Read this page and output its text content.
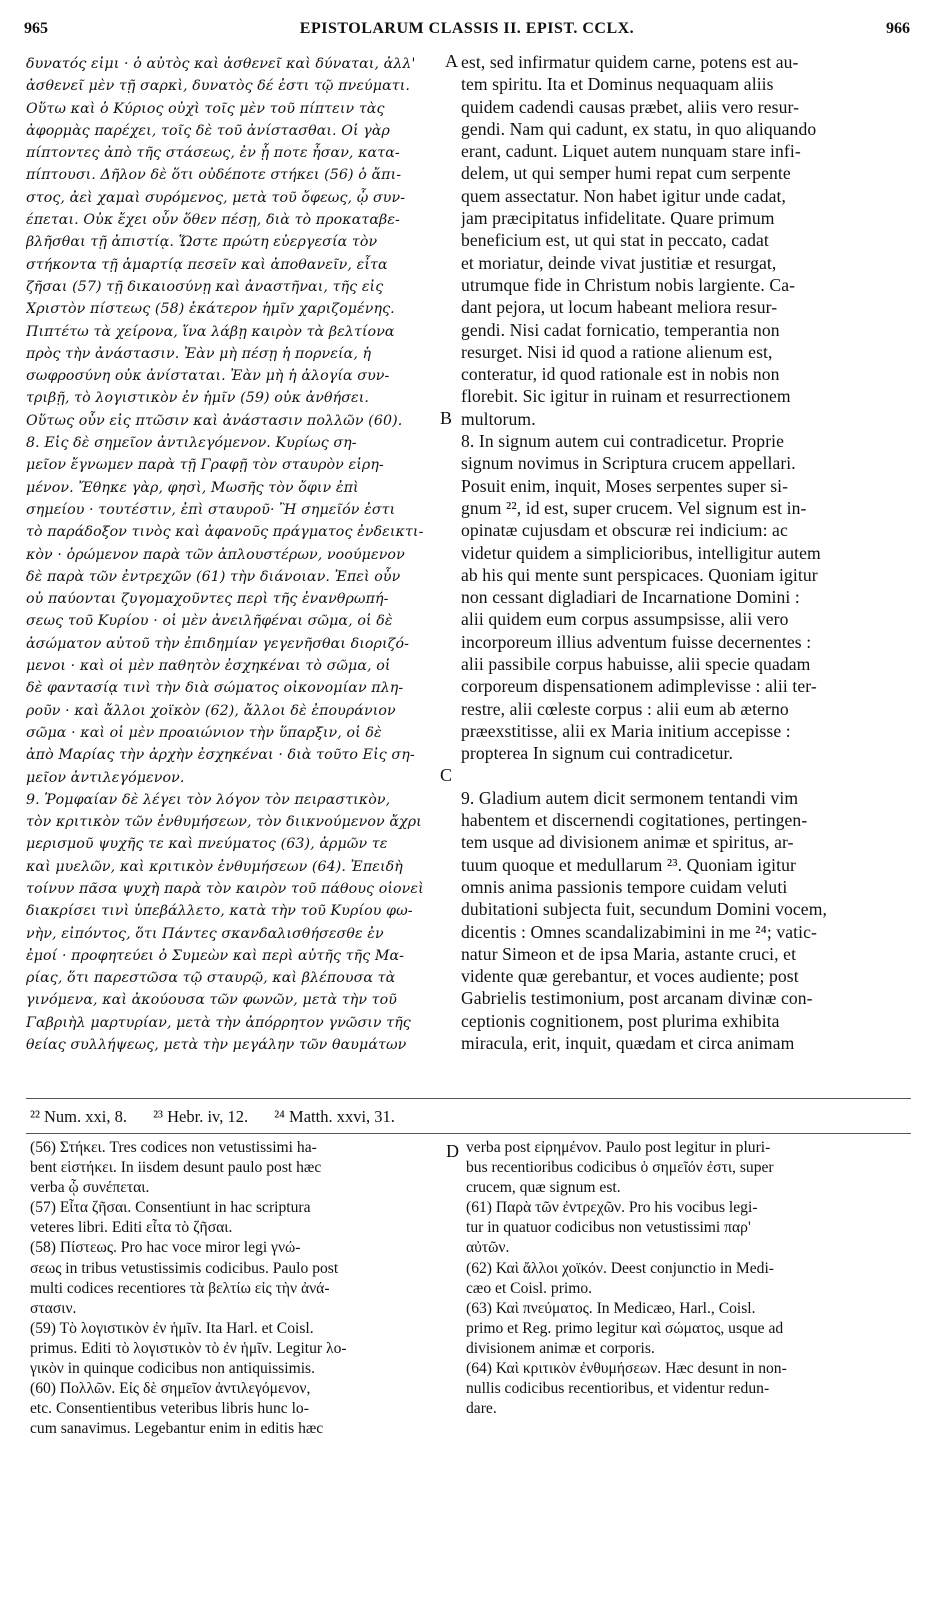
965	EPISTOLARUM CLASSIS II. EPIST. CCLX.	966
δυνατός εἰμι · ὁ αὐτὸς καὶ ἀσθενεῖ καὶ δύναται, ἀλλ'
ἀσθενεῖ μὲν τῇ σαρκὶ, δυνατὸς δέ ἐστι τῷ πνεύματι.
Οὕτω καὶ ὁ Κύριος οὐχὶ τοῖς μὲν τοῦ πίπτειν τὰς
ἀφορμὰς παρέχει, τοῖς δὲ τοῦ ἀνίστασθαι. Οἱ γὰρ
πίπτοντες ἀπὸ τῆς στάσεως, ἐν ᾗ ποτε ἦσαν, κατα-
πίπτουσι. Δῆλον δὲ ὅτι οὐδέποτε στήκει (56) ὁ ἄπι-
στος, ἀεὶ χαμαὶ συρόμενος, μετὰ τοῦ ὄφεως, ᾧ συν-
έπεται. Οὐκ ἔχει οὖν ὅθεν πέσῃ, διὰ τὸ προκαταβε-
βλῆσθαι τῇ ἀπιστίᾳ. Ὥστε πρώτη εὐεργεσία τὸν
στήκοντα τῇ ἁμαρτίᾳ πεσεῖν καὶ ἀποθανεῖν, εἶτα
ζῆσαι (57) τῇ δικαιοσύνῃ καὶ ἀναστῆναι, τῆς εἰς
Χριστὸν πίστεως (58) ἑκάτερον ἡμῖν χαριζομένης.
Πιπτέτω τὰ χείρονα, ἵνα λάβῃ καιρὸν τὰ βελτίονα
πρὸς τὴν ἀνάστασιν. Ἐὰν μὴ πέσῃ ἡ πορνεία, ἡ
σωφροσύνη οὐκ ἀνίσταται. Ἐὰν μὴ ἡ ἀλογία συν-
τριβῇ, τὸ λογιστικὸν ἐν ἡμῖν (59) οὐκ ἀνθήσει.
Οὕτως οὖν εἰς πτῶσιν καὶ ἀνάστασιν πολλῶν (60).
8. Εἰς δὲ σημεῖον ἀντιλεγόμενον. Κυρίως ση-
μεῖον ἔγνωμεν παρὰ τῇ Γραφῇ τὸν σταυρὸν εἰρη-
μένον. Ἔθηκε γὰρ, φησὶ, Μωσῆς τὸν ὄφιν ἐπὶ
σημείου · τουτέστιν, ἐπὶ σταυροῦ· Ἢ σημεῖόν ἐστι
τὸ παράδοξον τινὸς καὶ ἀφανοῦς πράγματος ἐνδεικτι-
κὸν · ὁρώμενον παρὰ τῶν ἁπλουστέρων, νοούμενον
δὲ παρὰ τῶν ἐντρεχῶν (61) τὴν διάνοιαν. Ἐπεὶ οὖν
οὐ παύονται ζυγομαχοῦντες περὶ τῆς ἐνανθρωπή-
σεως τοῦ Κυρίου · οἱ μὲν ἀνειλῆφέναι σῶμα, οἱ δὲ
ἀσώματον αὐτοῦ τὴν ἐπιδημίαν γεγενῆσθαι διοριζό-
μενοι · καὶ οἱ μὲν παθητὸν ἐσχηκέναι τὸ σῶμα, οἱ
δὲ φαντασίᾳ τινὶ τὴν διὰ σώματος οἰκονομίαν πλη-
ροῦν · καὶ ἄλλοι χοϊκὸν (62), ἄλλοι δὲ ἐπουράνιον
σῶμα · καὶ οἱ μὲν προαιώνιον τὴν ὕπαρξιν, οἱ δὲ
ἀπὸ Μαρίας τὴν ἀρχὴν ἐσχηκέναι · διὰ τοῦτο Εἰς ση-
μεῖον ἀντιλεγόμενον.
9. Ῥομφαίαν δὲ λέγει τὸν λόγον τὸν πειραστικὸν,
τὸν κριτικὸν τῶν ἐνθυμήσεων, τὸν διικνούμενον ἄχρι
μερισμοῦ ψυχῆς τε καὶ πνεύματος (63), ἁρμῶν τε
καὶ μυελῶν, καὶ κριτικὸν ἐνθυμήσεων (64). Ἐπειδὴ
τοίνυν πᾶσα ψυχὴ παρὰ τὸν καιρὸν τοῦ πάθους οἱονεὶ
διακρίσει τινὶ ὑπεβάλλετο, κατὰ τὴν τοῦ Κυρίου φω-
νὴν, εἰπόντος, ὅτι Πάντες σκανδαλισθήσεσθε ἐν
ἐμοί · προφητεύει ὁ Συμεὼν καὶ περὶ αὐτῆς τῆς Μα-
ρίας, ὅτι παρεστῶσα τῷ σταυρῷ, καὶ βλέπουσα τὰ
γινόμενα, καὶ ἀκούουσα τῶν φωνῶν, μετὰ τὴν τοῦ
Γαβριὴλ μαρτυρίαν, μετὰ τὴν ἀπόρρητον γνῶσιν τῆς
θείας συλλήψεως, μετὰ τὴν μεγάλην τῶν θαυμάτων
est, sed infirmatur quidem carne, potens est au-
tem spiritu. Ita et Dominus nequaquam aliis
quidem cadendi causas præbet, aliis vero resur-
gendi. Nam qui cadunt, ex statu, in quo aliquando
erant, cadunt. Liquet autem nunquam stare infi-
delem, ut qui semper humi repat cum serpente
quem assectatur. Non habet igitur unde cadat,
jam præcipitatus infidelitate. Quare primum
beneficium est, ut qui stat in peccato, cadat
et moriatur, deinde vivat justitiæ et resurgat,
utrumque fide in Christum nobis largiente. Ca-
dant pejora, ut locum habeant meliora resur-
gendi. Nisi cadat fornicatio, temperantia non
resurget. Nisi id quod a ratione alienum est,
conteratur, id quod rationale est in nobis non
florebit. Sic igitur in ruinam et resurrectionem
multorum.
8. In signum autem cui contradicetur. Proprie
signum novimus in Scriptura crucem appellari.
Posuit enim, inquit, Moses serpentes super si-
gnum ²², id est, super crucem. Vel signum est in-
opinatæ cujusdam et obscuræ rei indicium: ac
videtur quidem a simplicioribus, intelligitur autem
ab his qui mente sunt perspicaces. Quoniam igitur
non cessant digladiari de Incarnatione Domini :
alii quidem eum corpus assumpsisse, alii vero
incorporeum illius adventum fuisse decernentes :
alii passibile corpus habuisse, alii specie quadam
corporeum dispensationem adimplevisse : alii ter-
restre, alii cœleste corpus : alii eum ab æterno
præexstitisse, alii ex Maria initium accepisse :
propterea In signum cui contradicetur.
9. Gladium autem dicit sermonem tentandi vim
habentem et discernendi cogitationes, pertingen-
tem usque ad divisionem animæ et spiritus, ar-
tuum quoque et medullarum ²³. Quoniam igitur
omnis anima passionis tempore cuidam veluti
dubitationi subjecta fuit, secundum Domini vocem,
dicentis : Omnes scandalizabimini in me ²⁴; vatic-
natur Simeon et de ipsa Maria, astante cruci, et
vidente quæ gerebantur, et voces audiente; post
Gabrielis testimonium, post arcanam divinæ con-
ceptionis cognitionem, post plurima exhibita
miracula, erit, inquit, quædam et circa animam
A
B
C
D
²² Num. xxi, 8. ²³ Hebr. iv, 12. ²⁴ Matth. xxvi, 31.
(56) Στήκει. Tres codices non vetustissimi ha-
bent εἱστήκει. In iisdem desunt paulo post hæc
verba ᾧ συνέπεται.
(57) Εἶτα ζῆσαι. Consentiunt in hac scriptura
veteres libri. Editi εἶτα τὸ ζῆσαι.
(58) Πίστεως. Pro hac voce miror legi γνώ-
σεως in tribus vetustissimis codicibus. Paulo post
multi codices recentiores τὰ βελτίω εἰς τὴν ἀνά-
στασιν.
(59) Τὸ λογιστικὸν ἐν ἡμῖν. Ita Harl. et Coisl.
primus. Editi τὸ λογιστικὸν τὸ ἐν ἡμῖν. Legitur λο-
γικὸν in quinque codicibus non antiquissimis.
(60) Πολλῶν. Εἰς δὲ σημεῖον ἀντιλεγόμενον,
etc. Consentientibus veteribus libris hunc lo-
cum sanavimus. Legebantur enim in editis hæc
verba post εἰρημένον. Paulo post legitur in pluri-
bus recentioribus codicibus ὁ σημεῖόν ἐστι, super
crucem, quæ signum est.
(61) Παρὰ τῶν ἐντρεχῶν. Pro his vocibus legi-
tur in quatuor codicibus non vetustissimi παρ'
αὐτῶν.
(62) Καὶ ἄλλοι χοϊκόν. Deest conjunctio in Medi-
cæo et Coisl. primo.
(63) Καὶ πνεύματος. In Medicæo, Harl., Coisl.
primo et Reg. primo legitur καὶ σώματος, usque ad
divisionem animæ et corporis.
(64) Καὶ κριτικὸν ἐνθυμήσεων. Hæc desunt in non-
nullis codicibus recentioribus, et videntur redun-
dare.
